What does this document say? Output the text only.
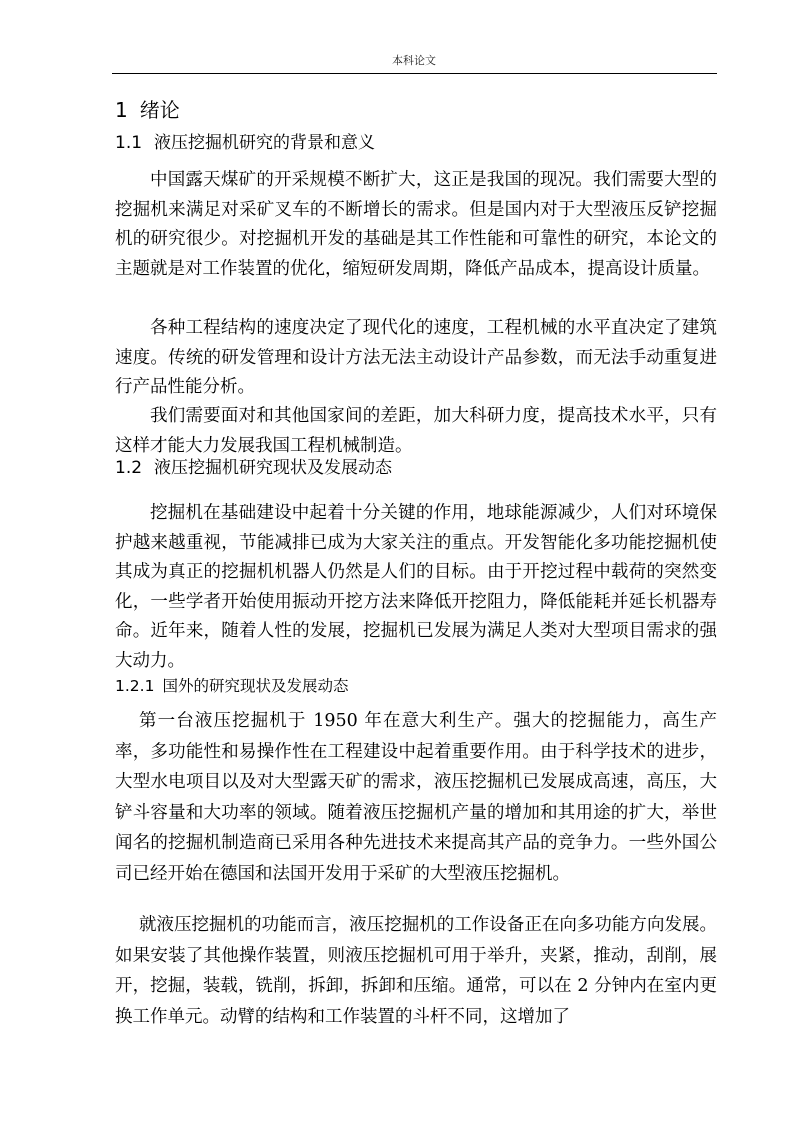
本科论文
1 绪论
1.1 液压挖掘机研究的背景和意义

中国露天煤矿的开采规模不断扩大，这正是我国的现况。我们需要大型的挖掘机来满足对采矿叉车的不断增长的需求。但是国内对于大型液压反铲挖掘机的研究很少。对挖掘机开发的基础是其工作性能和可靠性的研究，本论文的主题就是对工作装置的优化，缩短研发周期，降低产品成本，提高设计质量。

各种工程结构的速度决定了现代化的速度，工程机械的水平直决定了建筑速度。传统的研发管理和设计方法无法主动设计产品参数，而无法手动重复进行产品性能分析。

我们需要面对和其他国家间的差距，加大科研力度，提高技术水平，只有这样才能大力发展我国工程机械制造。

1.2 液压挖掘机研究现状及发展动态

挖掘机在基础建设中起着十分关键的作用，地球能源减少，人们对环境保护越来越重视，节能减排已成为大家关注的重点。开发智能化多功能挖掘机使其成为真正的挖掘机机器人仍然是人们的目标。由于开挖过程中载荷的突然变化，一些学者开始使用振动开挖方法来降低开挖阻力，降低能耗并延长机器寿命。近年来，随着人性的发展，挖掘机已发展为满足人类对大型项目需求的强大动力。

1.2.1 国外的研究现状及发展动态

第一台液压挖掘机于 1950 年在意大利生产。强大的挖掘能力，高生产率，多功能性和易操作性在工程建设中起着重要作用。由于科学技术的进步，大型水电项目以及对大型露天矿的需求，液压挖掘机已发展成高速，高压，大铲斗容量和大功率的领域。随着液压挖掘机产量的增加和其用途的扩大，举世闻名的挖掘机制造商已采用各种先进技术来提高其产品的竞争力。一些外国公司已经开始在德国和法国开发用于采矿的大型液压挖掘机。

就液压挖掘机的功能而言，液压挖掘机的工作设备正在向多功能方向发展。如果安装了其他操作装置，则液压挖掘机可用于举升，夹紧，推动，刮削，展开，挖掘，装载，铣削，拆卸，拆卸和压缩。通常，可以在 2 分钟内在室内更换工作单元。动臂的结构和工作装置的斗杆不同，这增加了
